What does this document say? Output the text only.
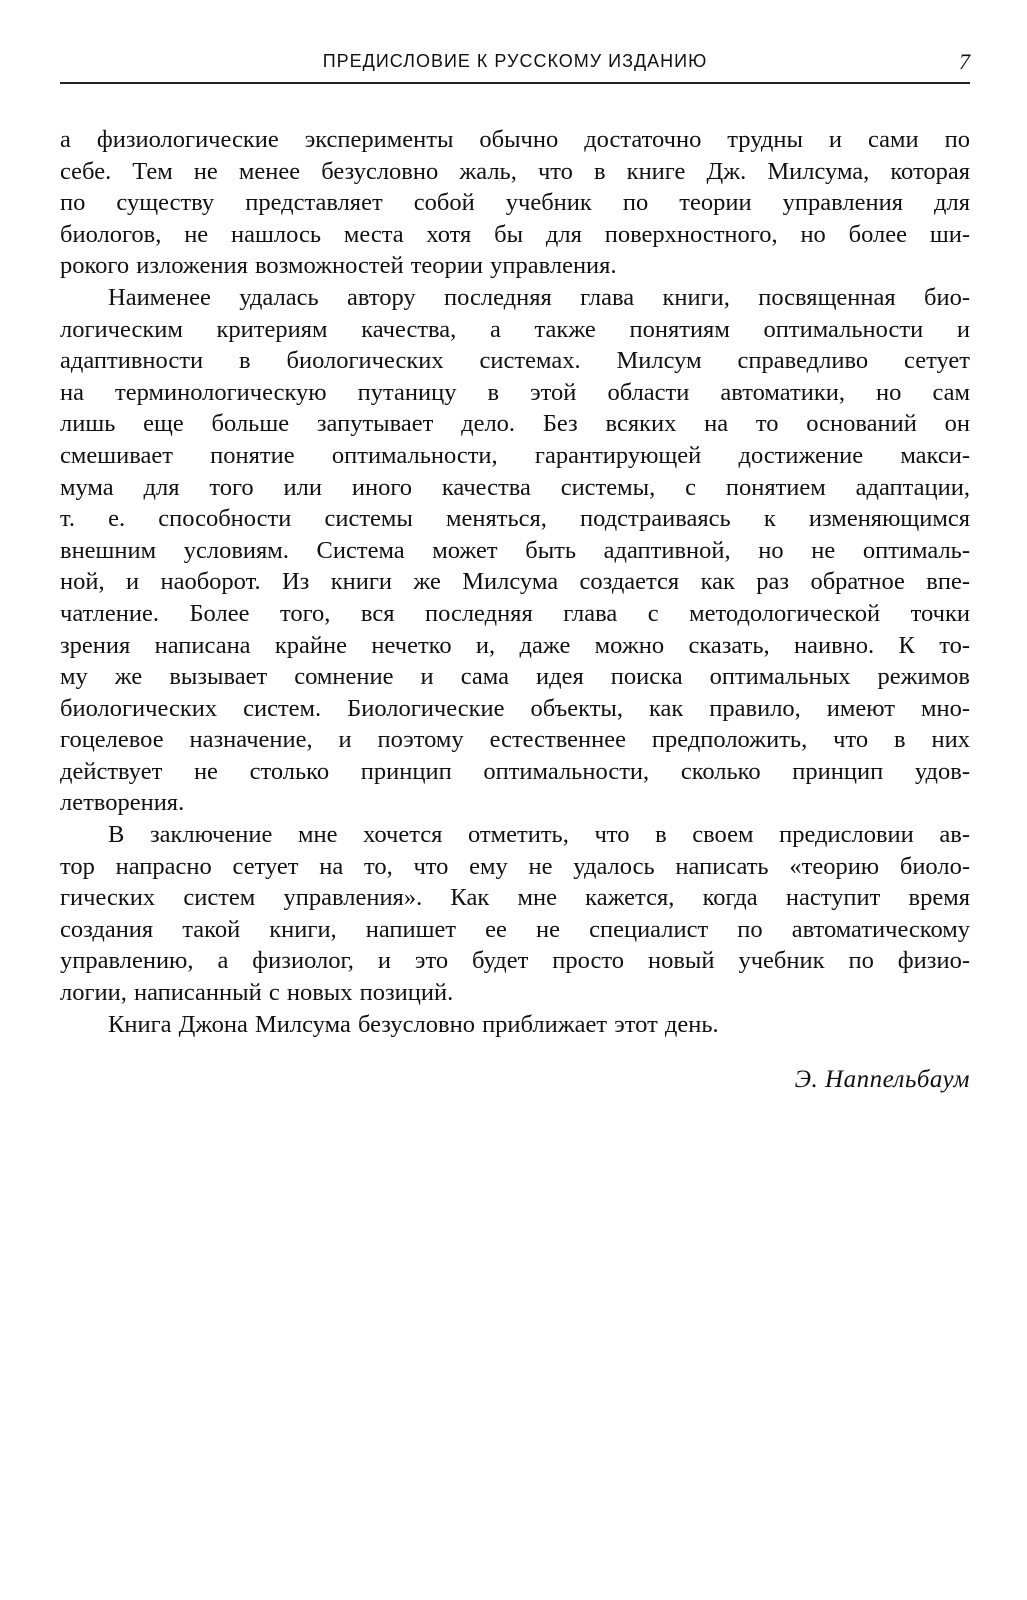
ПРЕДИСЛОВИЕ К РУССКОМУ ИЗДАНИЮ	7

а физиологические эксперименты обычно достаточно трудны и сами по
себе. Тем не менее безусловно жаль, что в книге Дж. Милсума, которая
по существу представляет собой учебник по теории управления для
биологов, не нашлось места хотя бы для поверхностного, но более ши-
рокого изложения возможностей теории управления.

Наименее удалась автору последняя глава книги, посвященная био-
логическим критериям качества, а также понятиям оптимальности и
адаптивности в биологических системах. Милсум справедливо сетует
на терминологическую путаницу в этой области автоматики, но сам
лишь еще больше запутывает дело. Без всяких на то оснований он
смешивает понятие оптимальности, гарантирующей достижение макси-
мума для того или иного качества системы, с понятием адаптации,
т. е. способности системы меняться, подстраиваясь к изменяющимся
внешним условиям. Система может быть адаптивной, но не оптималь-
ной, и наоборот. Из книги же Милсума создается как раз обратное впе-
чатление. Более того, вся последняя глава с методологической точки
зрения написана крайне нечетко и, даже можно сказать, наивно. К то-
му же вызывает сомнение и сама идея поиска оптимальных режимов
биологических систем. Биологические объекты, как правило, имеют мно-
гоцелевое назначение, и поэтому естественнее предположить, что в них
действует не столько принцип оптимальности, сколько принцип удов-
летворения.

В заключение мне хочется отметить, что в своем предисловии ав-
тор напрасно сетует на то, что ему не удалось написать «теорию биоло-
гических систем управления». Как мне кажется, когда наступит время
создания такой книги, напишет ее не специалист по автоматическому
управлению, а физиолог, и это будет просто новый учебник по физио-
логии, написанный с новых позиций.

Книга Джона Милсума безусловно приближает этот день.

Э. Наппельбаум
